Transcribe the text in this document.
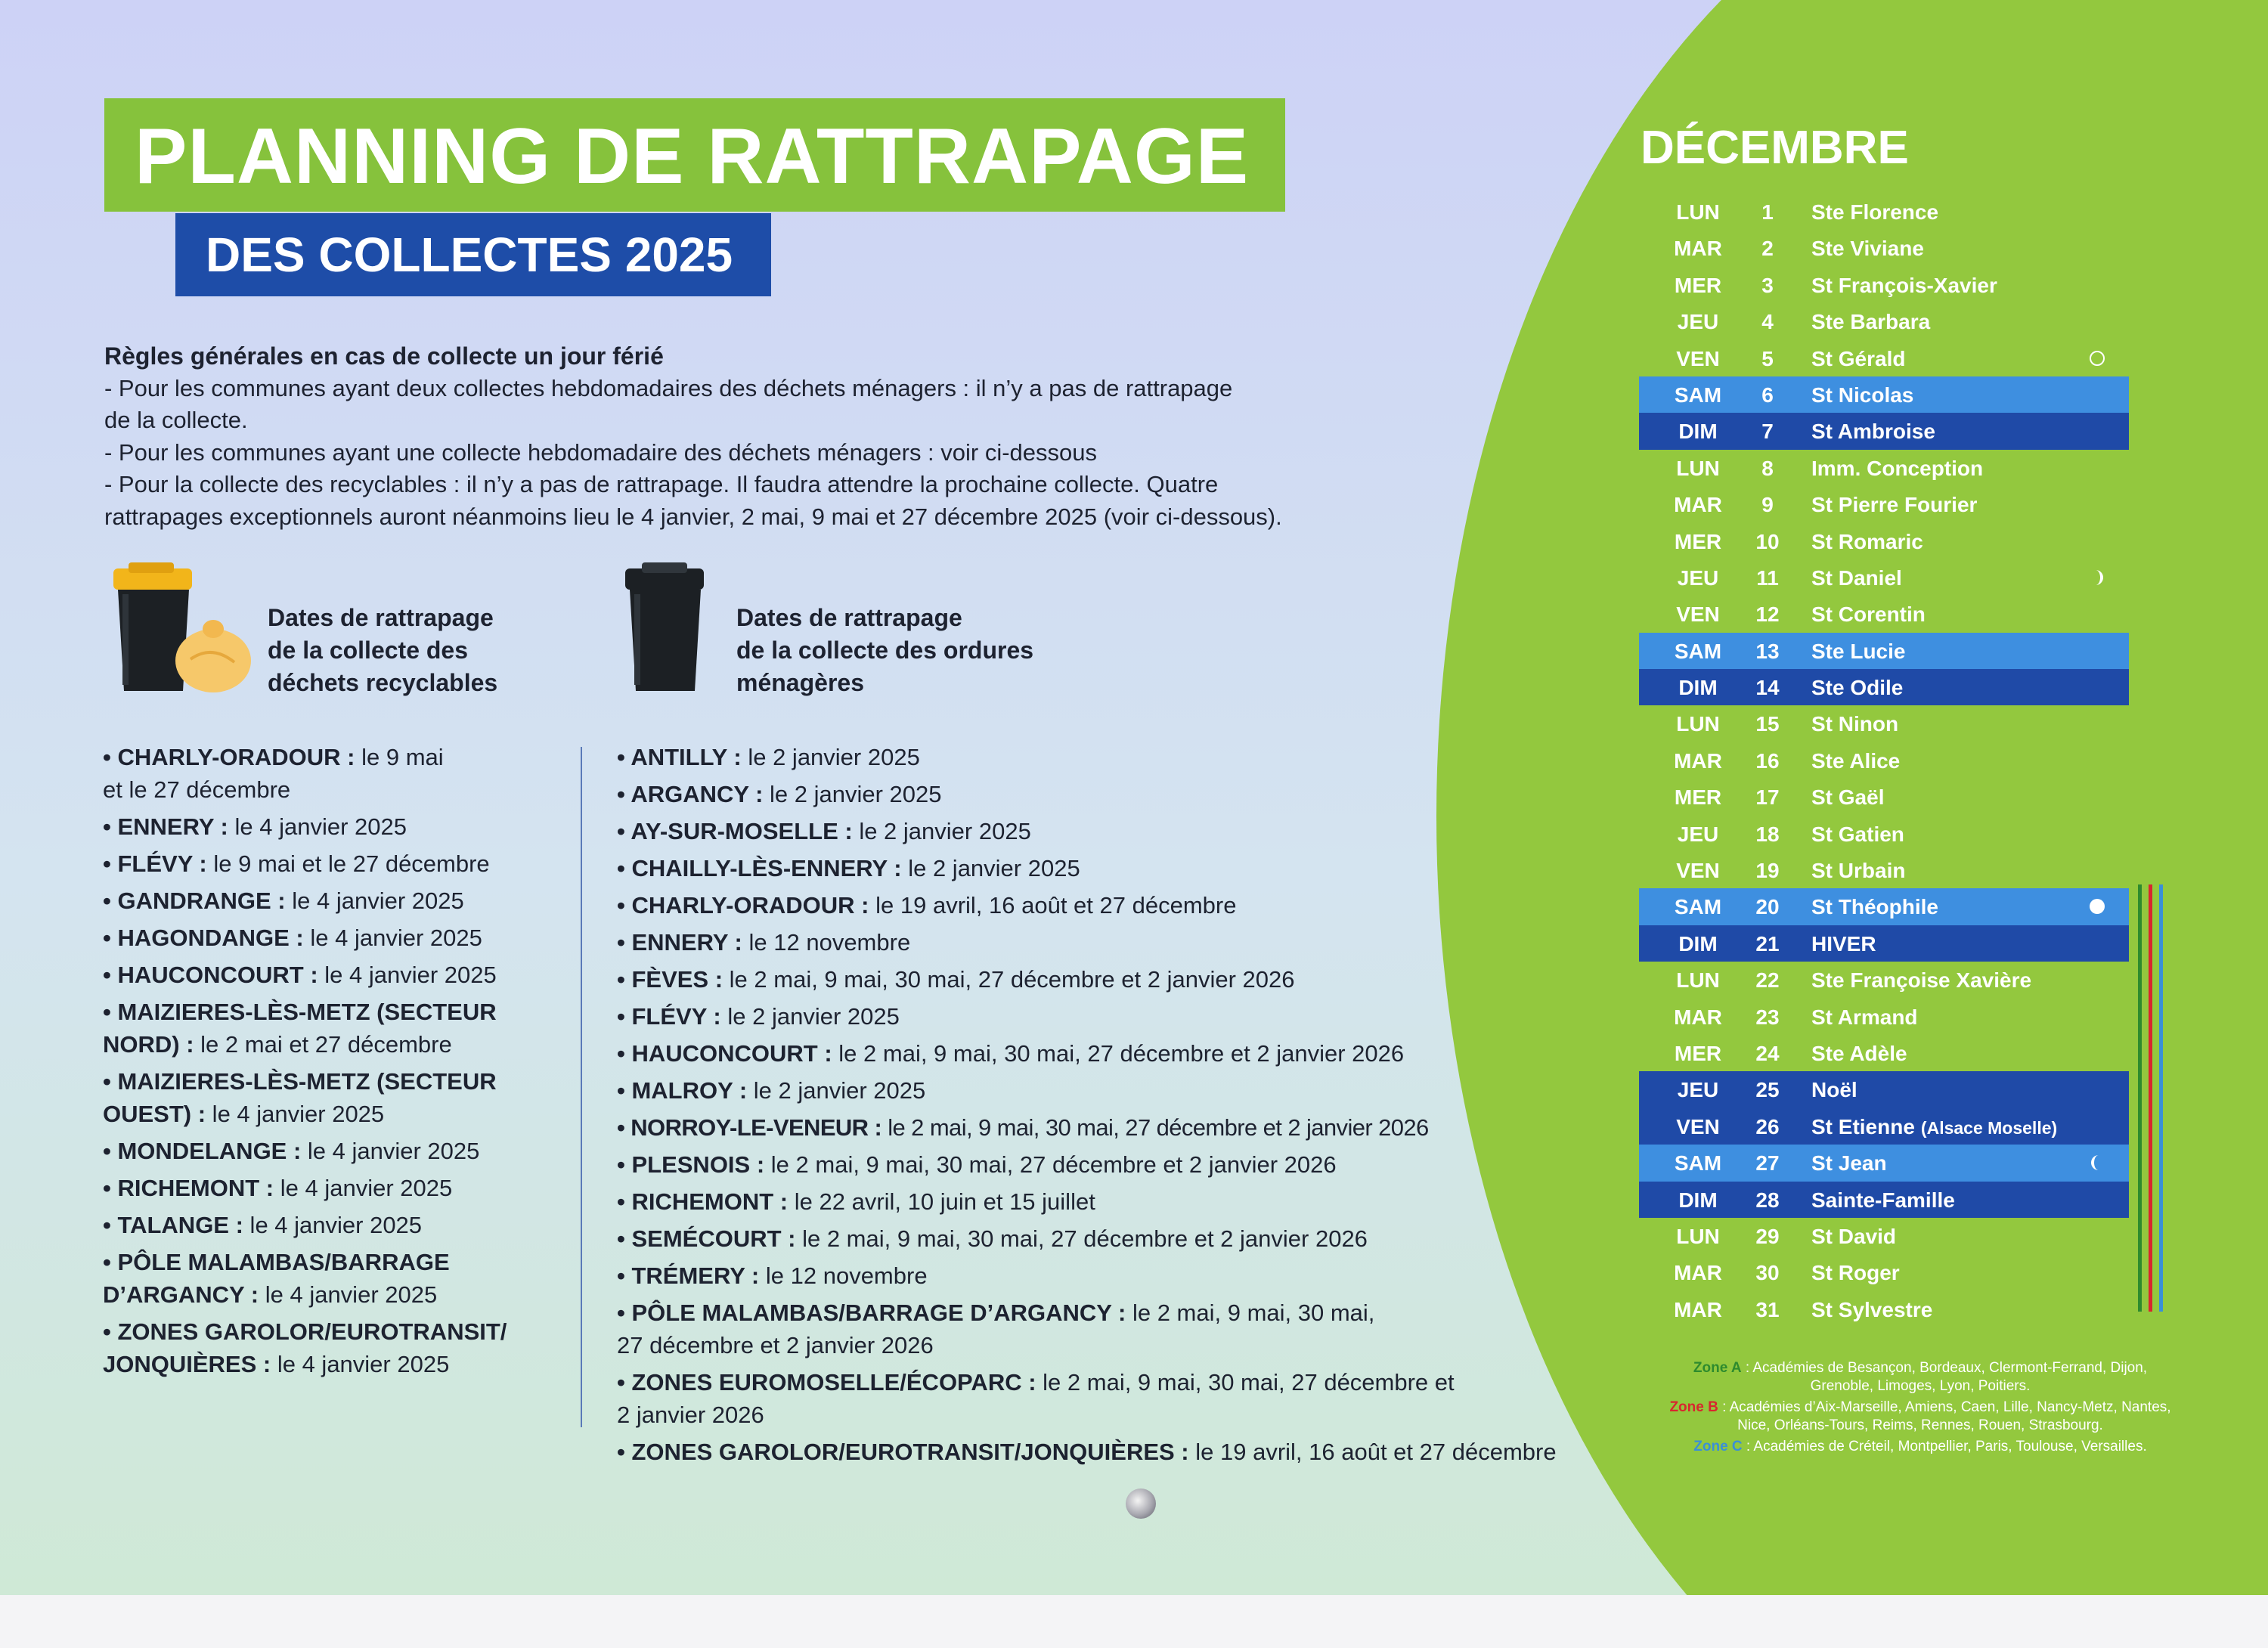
PLANNING DE RATTRAPAGE
DES COLLECTES 2025
Règles générales en cas de collecte un jour férié
- Pour les communes ayant deux collectes hebdomadaires des déchets ménagers : il n’y a pas de rattrapage
de la collecte.
- Pour les communes ayant une collecte hebdomadaire des déchets ménagers : voir ci-dessous
- Pour la collecte des recyclables : il n’y a pas de rattrapage. Il faudra attendre la prochaine collecte. Quatre
rattrapages exceptionnels auront néanmoins lieu le 4 janvier, 2 mai, 9 mai et 27 décembre 2025 (voir ci-dessous).
Dates de rattrapage
de la collecte des
déchets recyclables
Dates de rattrapage
de la collecte des ordures
ménagères
• CHARLY-ORADOUR : le 9 mai
et le 27 décembre
• ENNERY : le 4 janvier 2025
• FLÉVY : le 9 mai et le 27 décembre
• GANDRANGE : le 4 janvier 2025
• HAGONDANGE : le 4 janvier 2025
• HAUCONCOURT : le 4 janvier 2025
• MAIZIERES-LÈS-METZ (SECTEUR
NORD) : le 2 mai et 27 décembre
• MAIZIERES-LÈS-METZ (SECTEUR
OUEST) : le 4 janvier 2025
• MONDELANGE : le 4 janvier 2025
• RICHEMONT : le 4 janvier 2025
• TALANGE : le 4 janvier 2025
• PÔLE MALAMBAS/BARRAGE
D’ARGANCY : le 4 janvier 2025
• ZONES GAROLOR/EUROTRANSIT/
JONQUIÈRES : le 4 janvier 2025
• ANTILLY : le 2 janvier 2025
• ARGANCY : le 2 janvier 2025
• AY-SUR-MOSELLE : le 2 janvier 2025
• CHAILLY-LÈS-ENNERY : le 2 janvier 2025
• CHARLY-ORADOUR : le 19 avril, 16 août et 27 décembre
• ENNERY : le 12 novembre
• FÈVES : le 2 mai, 9 mai, 30 mai, 27 décembre et 2 janvier 2026
• FLÉVY : le 2 janvier 2025
• HAUCONCOURT : le 2 mai, 9 mai, 30 mai, 27 décembre et 2 janvier 2026
• MALROY : le 2 janvier 2025
• NORROY-LE-VENEUR : le 2 mai, 9 mai, 30 mai, 27 décembre et 2 janvier 2026
• PLESNOIS : le 2 mai, 9 mai, 30 mai, 27 décembre et 2 janvier 2026
• RICHEMONT : le 22 avril, 10 juin et 15 juillet
• SEMÉCOURT : le 2 mai, 9 mai, 30 mai, 27 décembre et 2 janvier 2026
• TRÉMERY : le 12 novembre
• PÔLE MALAMBAS/BARRAGE D’ARGANCY : le 2 mai, 9 mai, 30 mai,
27 décembre et 2 janvier 2026
• ZONES EUROMOSELLE/ÉCOPARC : le 2 mai, 9 mai, 30 mai, 27 décembre et
2 janvier 2026
• ZONES GAROLOR/EUROTRANSIT/JONQUIÈRES : le 19 avril, 16 août et 27 décembre
DÉCEMBRE
LUN	1	Ste Florence
MAR	2	Ste Viviane
MER	3	St François-Xavier
JEU	4	Ste Barbara
VEN	5	St Gérald
SAM	6	St Nicolas
DIM	7	St Ambroise
LUN	8	Imm. Conception
MAR	9	St Pierre Fourier
MER	10	St Romaric
JEU	11	St Daniel
VEN	12	St Corentin
SAM	13	Ste Lucie
DIM	14	Ste Odile
LUN	15	St Ninon
MAR	16	Ste Alice
MER	17	St Gaël
JEU	18	St Gatien
VEN	19	St Urbain
SAM	20	St Théophile
DIM	21	HIVER
LUN	22	Ste Françoise Xavière
MAR	23	St Armand
MER	24	Ste Adèle
JEU	25	Noël
VEN	26	St Etienne (Alsace Moselle)
SAM	27	St Jean
DIM	28	Sainte-Famille
LUN	29	St David
MAR	30	St Roger
MAR	31	St Sylvestre
Zone A : Académies de Besançon, Bordeaux, Clermont-Ferrand, Dijon, Grenoble, Limoges, Lyon, Poitiers.
Zone B : Académies d’Aix-Marseille, Amiens, Caen, Lille, Nancy-Metz, Nantes, Nice, Orléans-Tours, Reims, Rennes, Rouen, Strasbourg.
Zone C : Académies de Créteil, Montpellier, Paris, Toulouse, Versailles.
